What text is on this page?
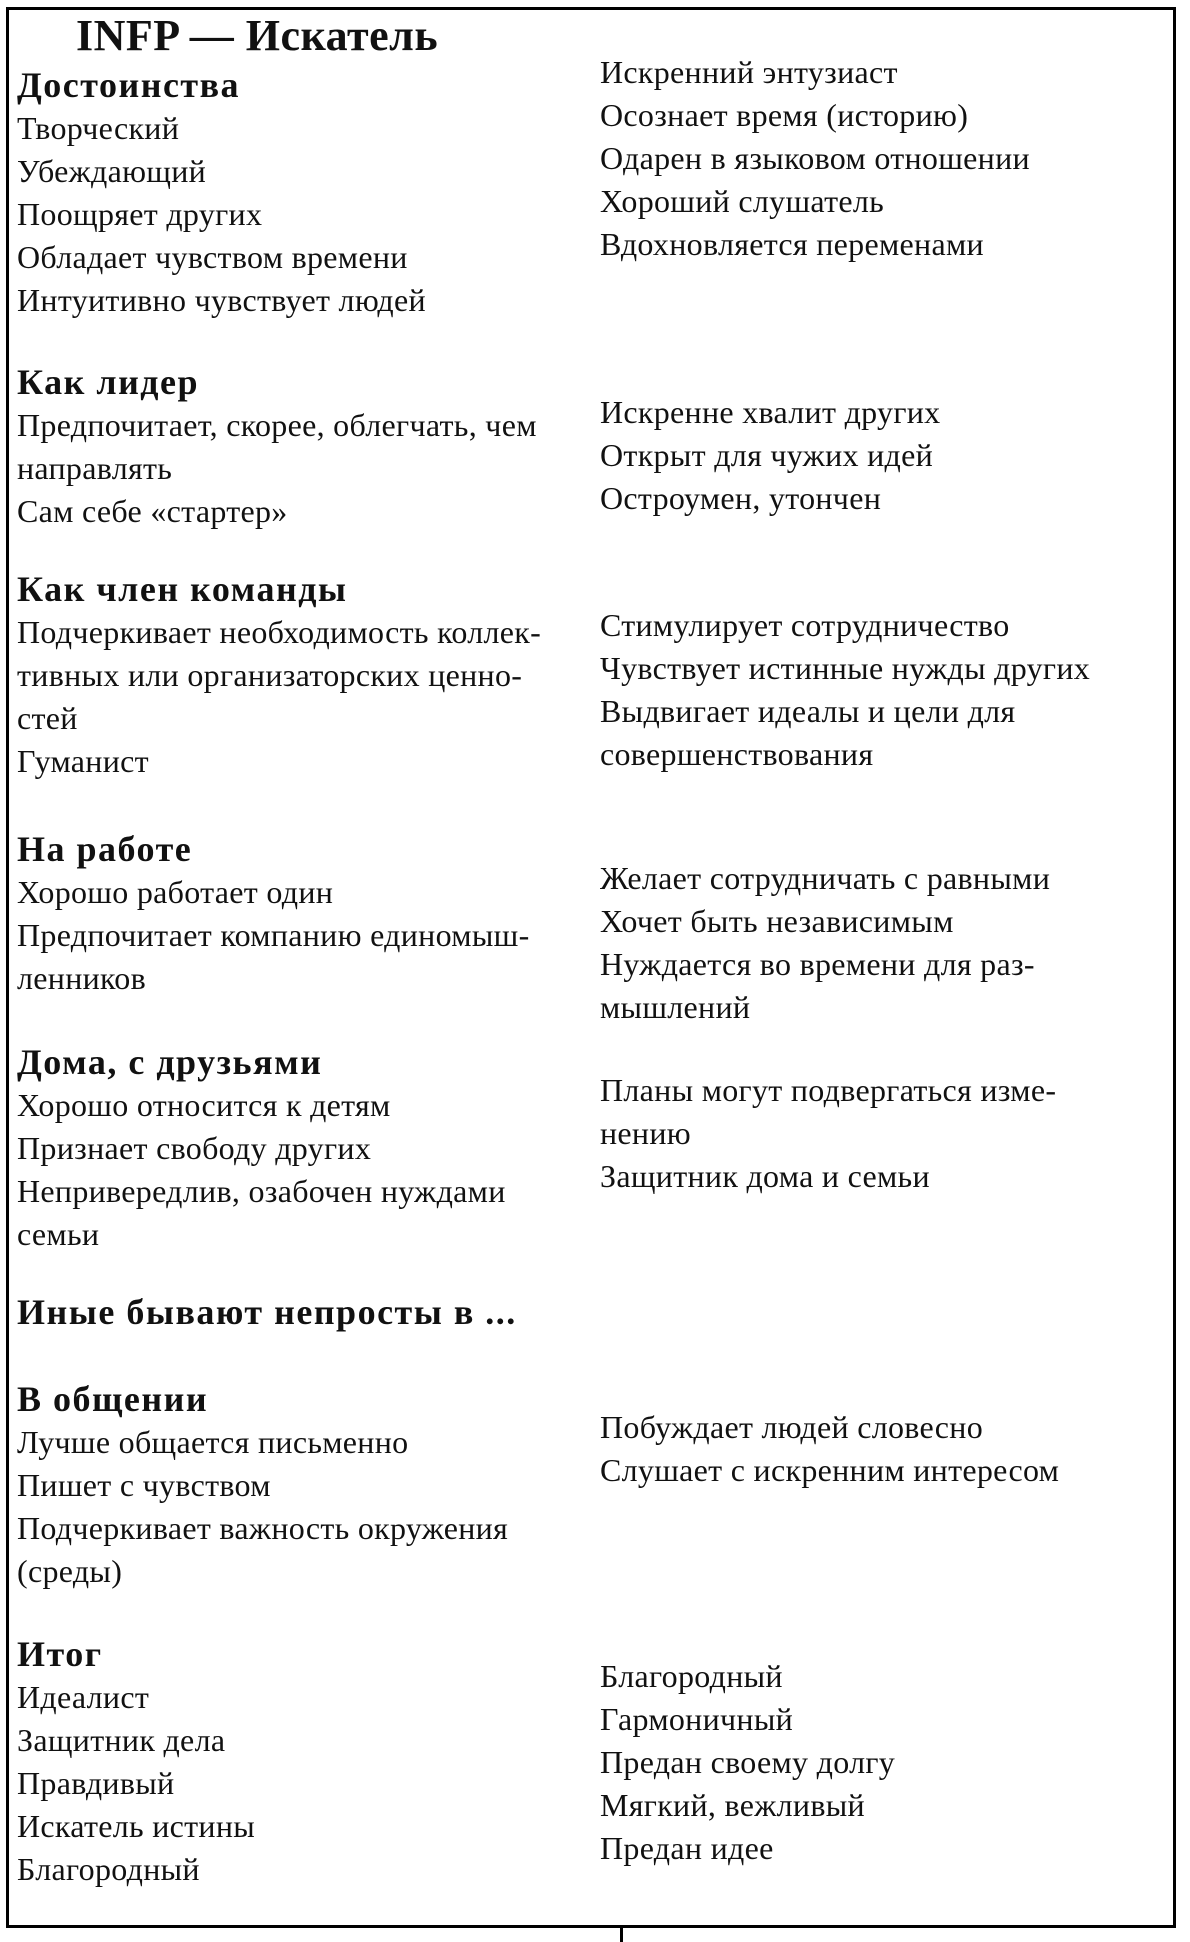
INFP — Искатель
Достоинства
Творческий
Убеждающий
Поощряет других
Обладает чувством времени
Интуитивно чувствует людей
Как лидер
Предпочитает, скорее, облегчать, чем
направлять
Сам себе «стартер»
Как член команды
Подчеркивает необходимость коллек-
тивных или организаторских ценно-
стей
Гуманист
На работе
Хорошо работает один
Предпочитает компанию единомыш-
ленников
Дома, с друзьями
Хорошо относится к детям
Признает свободу других
Непривередлив, озабочен нуждами
семьи
Иные бывают непросты в ...
В общении
Лучше общается письменно
Пишет с чувством
Подчеркивает важность окружения
(среды)
Итог
Идеалист
Защитник дела
Правдивый
Искатель истины
Благородный
Искренний энтузиаст
Осознает время (историю)
Одарен в языковом отношении
Хороший слушатель
Вдохновляется переменами
Искренне хвалит других
Открыт для чужих идей
Остроумен, утончен
Стимулирует сотрудничество
Чувствует истинные нужды других
Выдвигает идеалы и цели для
совершенствования
Желает сотрудничать с равными
Хочет быть независимым
Нуждается во времени для раз-
мышлений
Планы могут подвергаться изме-
нению
Защитник дома и семьи
Побуждает людей словесно
Слушает с искренним интересом
Благородный
Гармоничный
Предан своему долгу
Мягкий, вежливый
Предан идее
